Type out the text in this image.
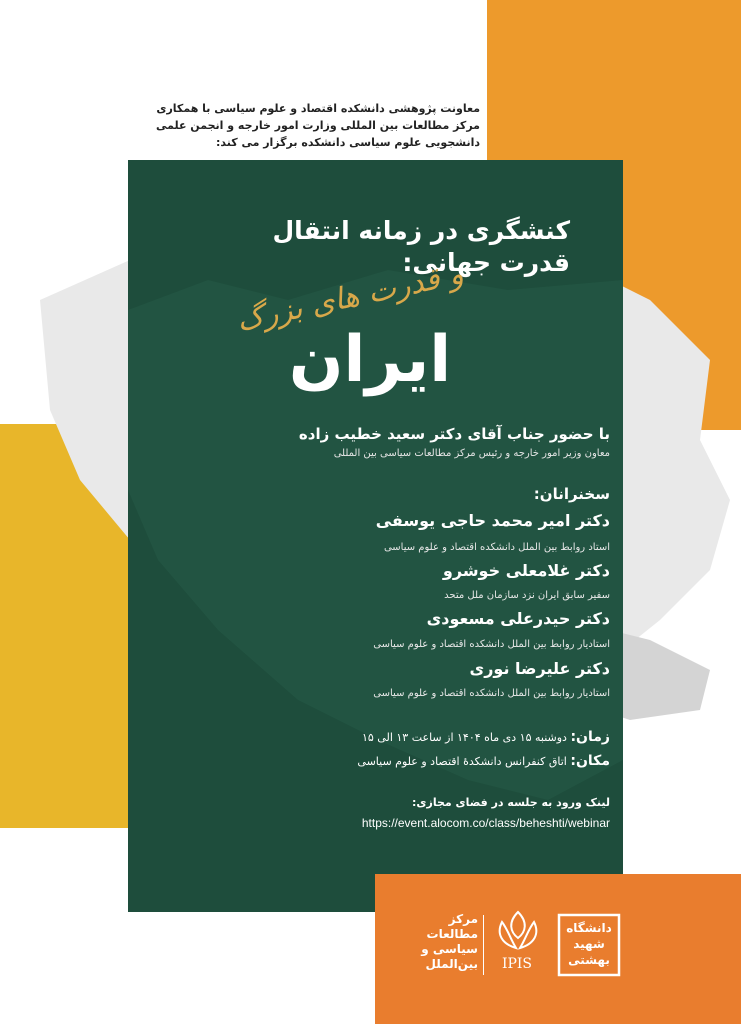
معاونت پژوهشی دانشکده اقتصاد و علوم سیاسی با همکاری
مرکز مطالعات بین المللی وزارت امور خارجه و انجمن علمی
دانشجویی علوم سیاسی دانشکده برگزار می کند:
کنشگری در زمانه انتقال
قدرت جهانی:
و قدرت های بزرگ
ایران
با حضور جناب آقای دکتر سعید خطیب زاده
معاون وزیر امور خارجه و رئیس مرکز مطالعات سیاسی بین المللی
سخنرانان:
دکتر امیر محمد حاجی یوسفی
استاد روابط بین الملل دانشکده اقتصاد و علوم سیاسی
دکتر غلامعلی خوشرو
سفیر سابق ایران نزد سازمان ملل متحد
دکتر حیدرعلی مسعودی
استادیار روابط بین الملل دانشکده اقتصاد و علوم سیاسی
دکتر علیرضا نوری
استادیار روابط بین الملل دانشکده اقتصاد و علوم سیاسی
زمان: دوشنبه ۱۵ دی ماه ۱۴۰۴ از ساعت ۱۳ الی ۱۵
مکان: اتاق کنفرانس دانشکدهٔ اقتصاد و علوم سیاسی
لینک ورود به جلسه در فضای مجازی:
https://event.alocom.co/class/beheshti/webinar
مرکز مطالعات سیاسی و بین‌الملل	IPIS
دانشگاه شهید بهشتی
